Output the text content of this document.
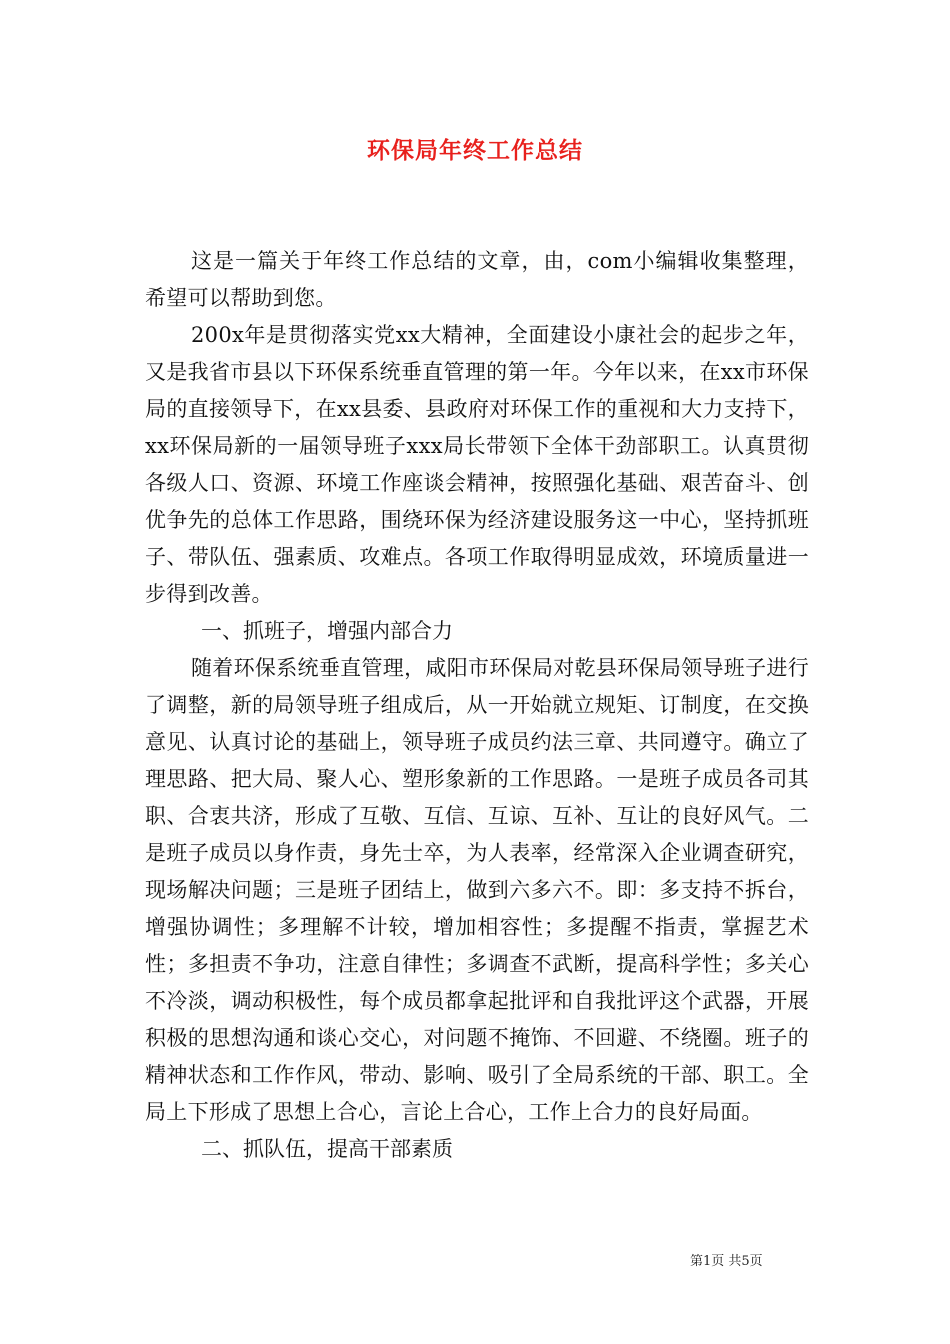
环保局年终工作总结

这是一篇关于年终工作总结的文章，由，com小编辑收集整理，希望可以帮助到您。

200x年是贯彻落实党xx大精神，全面建设小康社会的起步之年，又是我省市县以下环保系统垂直管理的第一年。今年以来，在xx市环保局的直接领导下，在xx县委、县政府对环保工作的重视和大力支持下，xx环保局新的一届领导班子xxx局长带领下全体干劲部职工。认真贯彻各级人口、资源、环境工作座谈会精神，按照强化基础、艰苦奋斗、创优争先的总体工作思路，围绕环保为经济建设服务这一中心，坚持抓班子、带队伍、强素质、攻难点。各项工作取得明显成效，环境质量进一步得到改善。

一、抓班子，增强内部合力

随着环保系统垂直管理，咸阳市环保局对乾县环保局领导班子进行了调整，新的局领导班子组成后，从一开始就立规矩、订制度，在交换意见、认真讨论的基础上，领导班子成员约法三章、共同遵守。确立了理思路、把大局、聚人心、塑形象新的工作思路。一是班子成员各司其职、合衷共济，形成了互敬、互信、互谅、互补、互让的良好风气。二是班子成员以身作责，身先士卒，为人表率，经常深入企业调查研究，现场解决问题；三是班子团结上，做到六多六不。即：多支持不拆台，增强协调性；多理解不计较，增加相容性；多提醒不指责，掌握艺术性；多担责不争功，注意自律性；多调查不武断，提高科学性；多关心不冷淡，调动积极性，每个成员都拿起批评和自我批评这个武器，开展积极的思想沟通和谈心交心，对问题不掩饰、不回避、不绕圈。班子的精神状态和工作作风，带动、影响、吸引了全局系统的干部、职工。全局上下形成了思想上合心，言论上合心，工作上合力的良好局面。

二、抓队伍，提高干部素质

第1页 共5页
